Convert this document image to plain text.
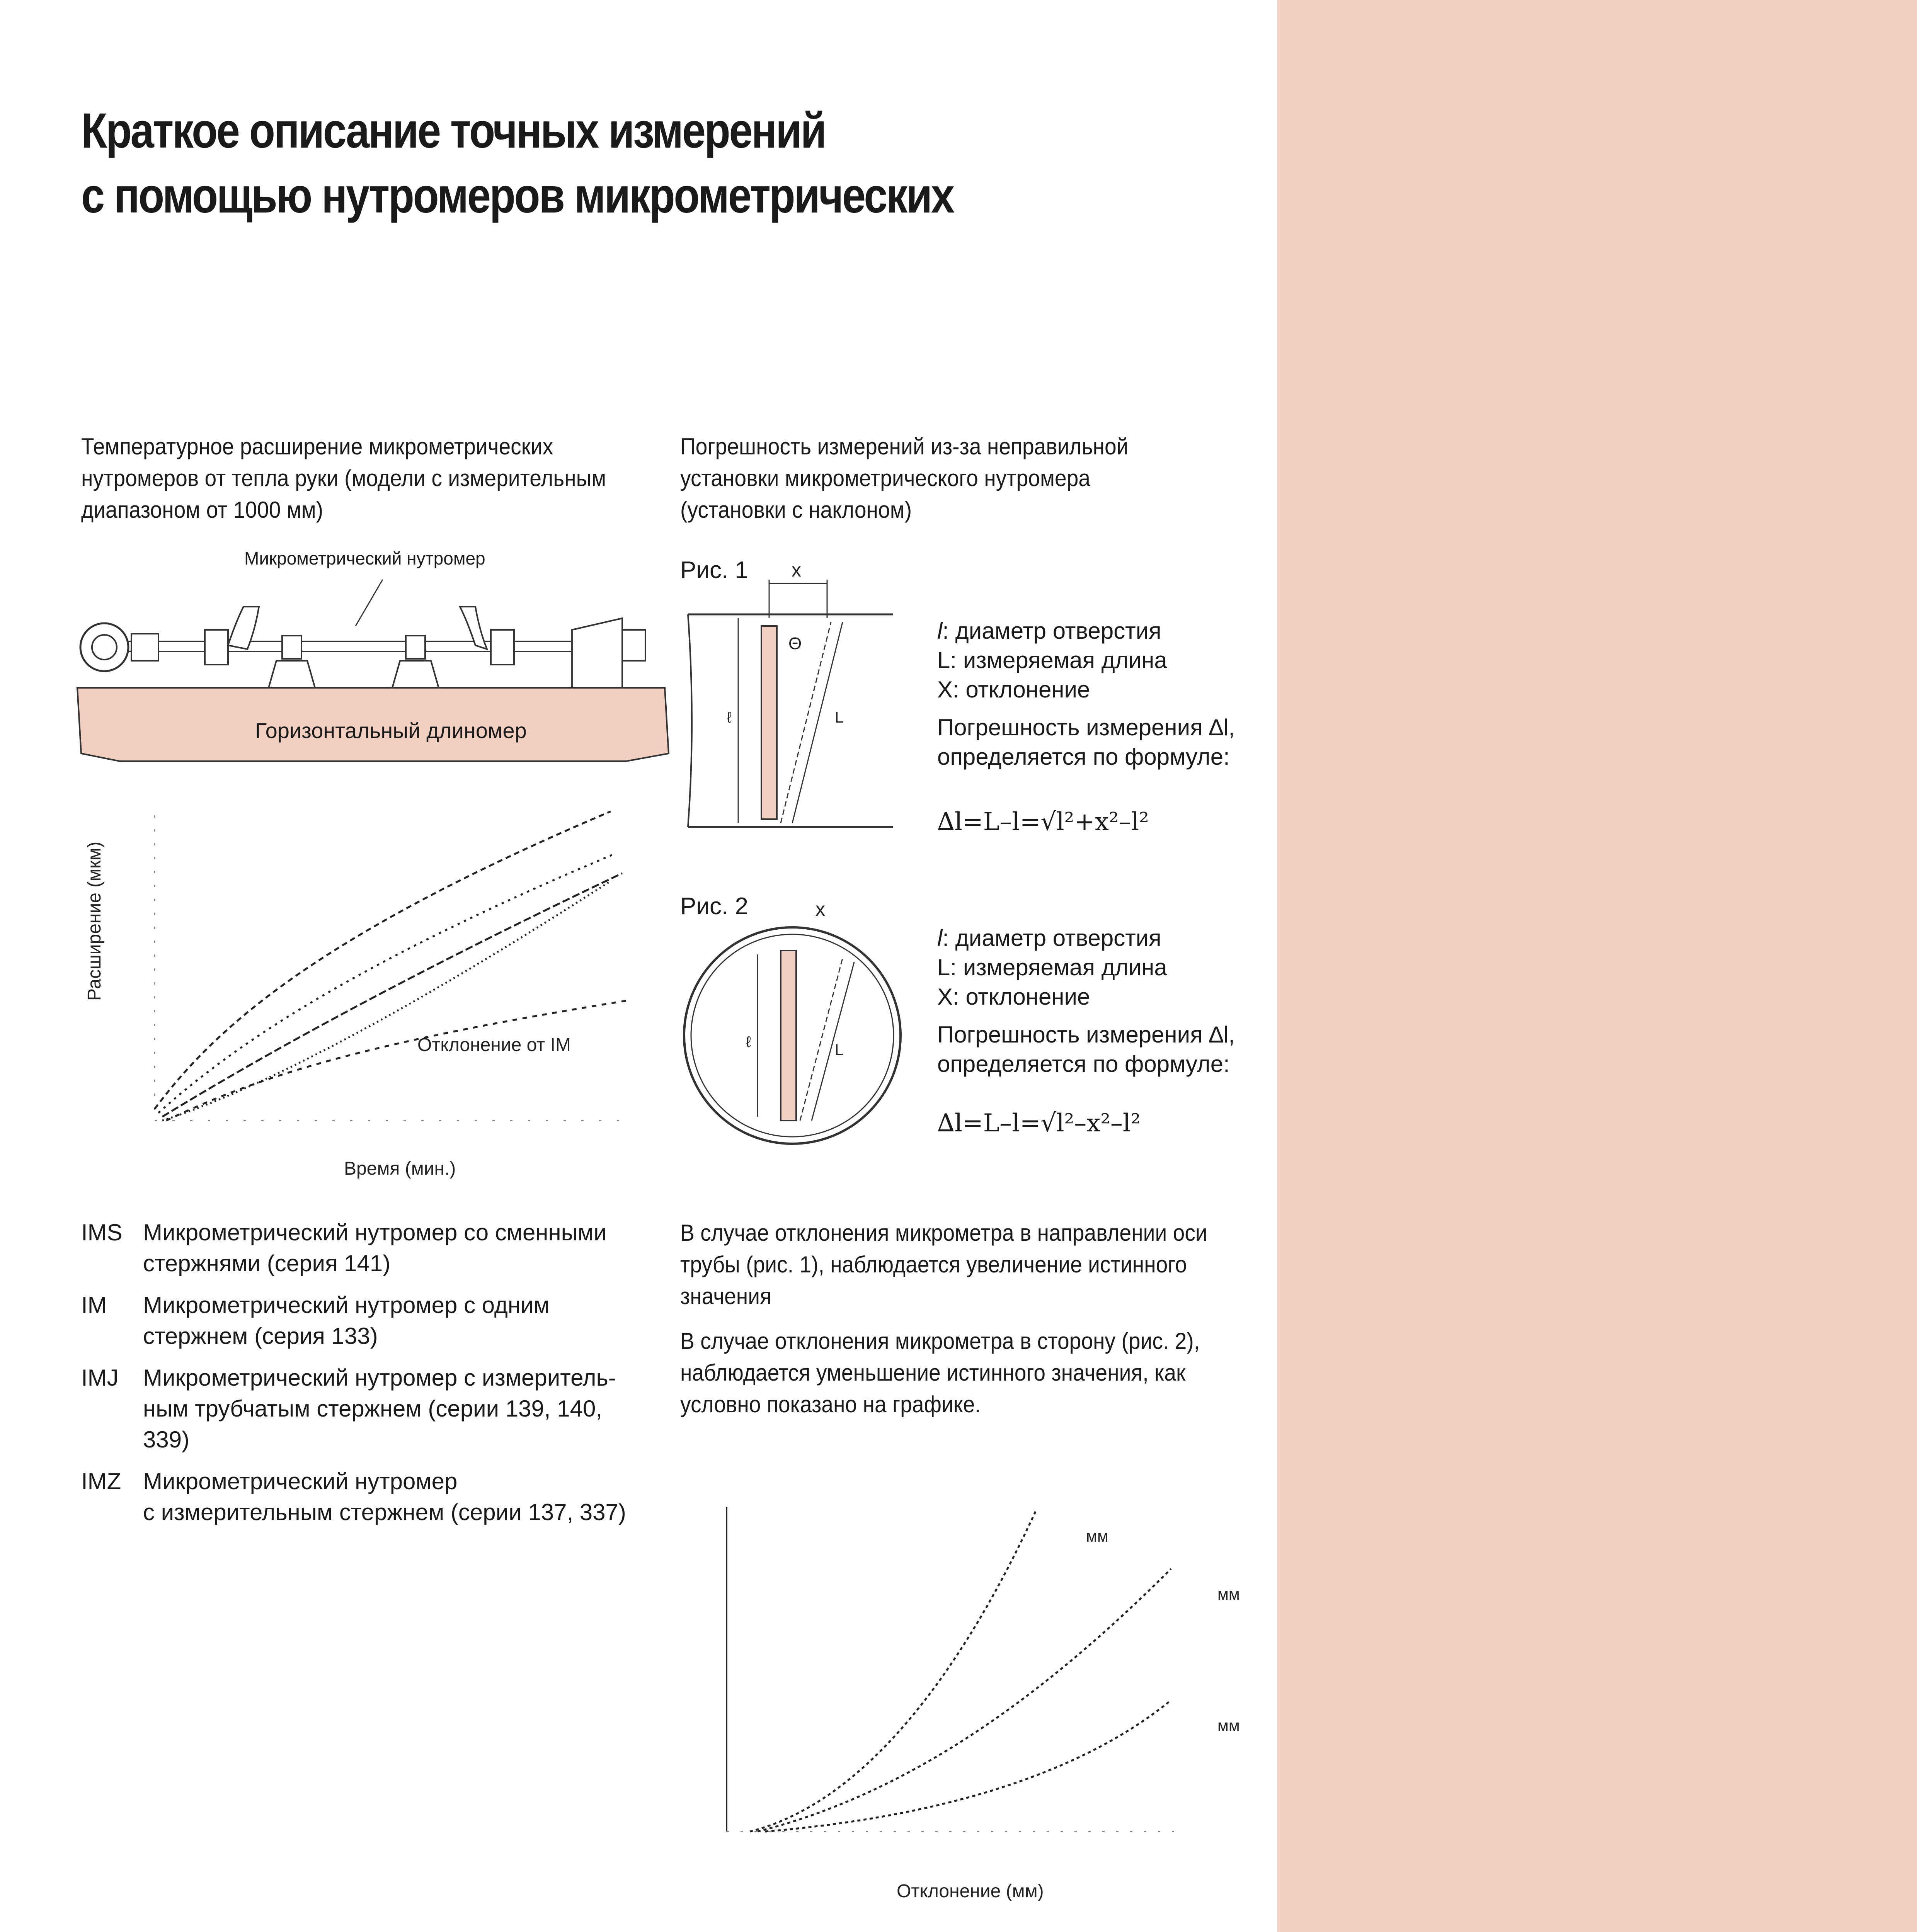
Краткое описание точных измерений
с помощью нутромеров микрометрических
Температурное расширение микрометрических
нутромеров от тепла руки (модели с измерительным
диапазоном от 1000 мм)
Микрометрический нутромер
Горизонтальный длиномер
Отклонение от IM
Расширение (мкм)
Время (мин.)
IMS Микрометрический нутромер со сменными
стержнями (серия 141)
IM	Микрометрический нутромер с одним
стержнем (серия 133)
IMJ	Микрометрический нутромер с измеритель-
ным трубчатым стержнем (серии 139, 140,
339)
IMZ Микрометрический нутромер
с измерительным стержнем (серии 137, 337)
Погрешность измерений из-за неправильной
установки микрометрического нутромера
(установки с наклоном)
Рис. 1 x
Θ
ℓ	L
l: диаметр отверстия
L: измеряемая длина
X: отклонение
Погрешность измерения ∆l,
определяется по формуле:
∆l=L–l=√l²+x²–l²
Рис. 2	x
ℓ	L
l: диаметр отверстия
L: измеряемая длина
X: отклонение
Погрешность измерения ∆l,
определяется по формуле:
∆l=L–l=√l²–x²–l²
В случае отклонения микрометра в направлении оси
трубы (рис. 1), наблюдается увеличение истинного
значения
В случае отклонения микрометра в сторону (рис. 2),
наблюдается уменьшение истинного значения, как
условно показано на графике.
мм
мм
мм
Отклонение (мм)
